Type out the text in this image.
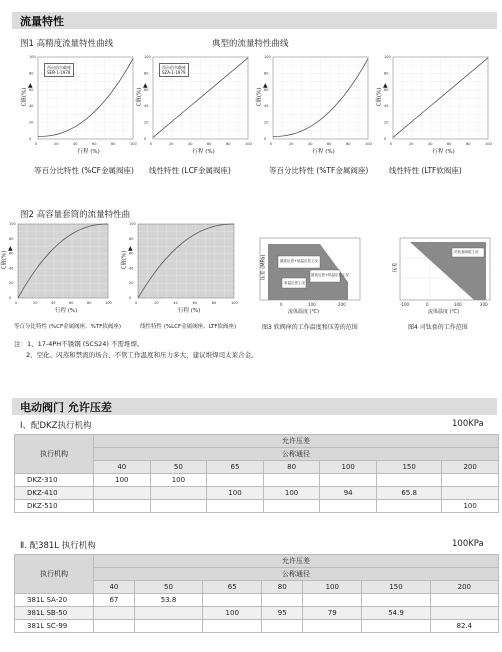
流量特性
图1 高精度流量特性曲线	典型的流量特性曲线
0
0
20
20
40
40
60
60
80
80
100
100
西台伯尔截座
SEB-1-1978
行程 (%)
C值(%)
▲
等百分比特性 (%CF金属阀座)
0
0
20
20
40
40
60
60
80
80
100
100
西台伯尔截座
SZA-1-1979
行程 (%)
C值(%)
▲
线性特性 (LCF金属阀座)
0
0
20
20
40
40
60
60
80
80
100
100
行程 (%)
C值(%)
▲
等百分比特性 (%TF金属阀座)
0
0
20
20
40
40
60
60
80
80
100
100
行程 (%)
C值(%)
▲
线性特性 (LTF软阀座)
图2 高容量套筒的流量特性曲
0
0
20
20
40
40
60
60
80
80
100
100
行程 (%)
C值(%)
▲
等百分比特性 (%CF金属阀座、%TF软阀座)
0
0
20
20
40
40
60
60
80
80
100
100
行程 (%)
C值(%)
▲
线性特性 (%LCF金属阀座、LTF软阀座)
0	100	200
最高压差+常温压差工况
最高压差+常温压差工况
常温压差工况
流体温度 (℃)
压差 (MPa)
图3 软阀座的工作温度和压差的范围
-100	0	100	200
司钛套阀座工况
流体温度 (℃)
压差
图4 司钛套的工作范围
注：1、17-4PH不锈钢 (SCS24) 不需堆焊。
2、空化、闪蒸和禁流的场合，不管工作温度和压力多大，建议堆焊司太莱合金。
电动阀门 允许压差
Ⅰ、配DKZ执行机构	100KPa
执行机构	允许压差						
	公称通径						
	40	50	65	80	100	150	200
DKZ-310	100	100					
DKZ-410			100	100	94	65.8	
DKZ-510							100
Ⅱ. 配381L 执行机构	100KPa
执行机构	允许压差						
	公称通径						
	40	50	65	80	100	150	200
381L SA-20	67	53.8					
381L SB-50			100	95	79	54.9	
381L SC-99							82.4
